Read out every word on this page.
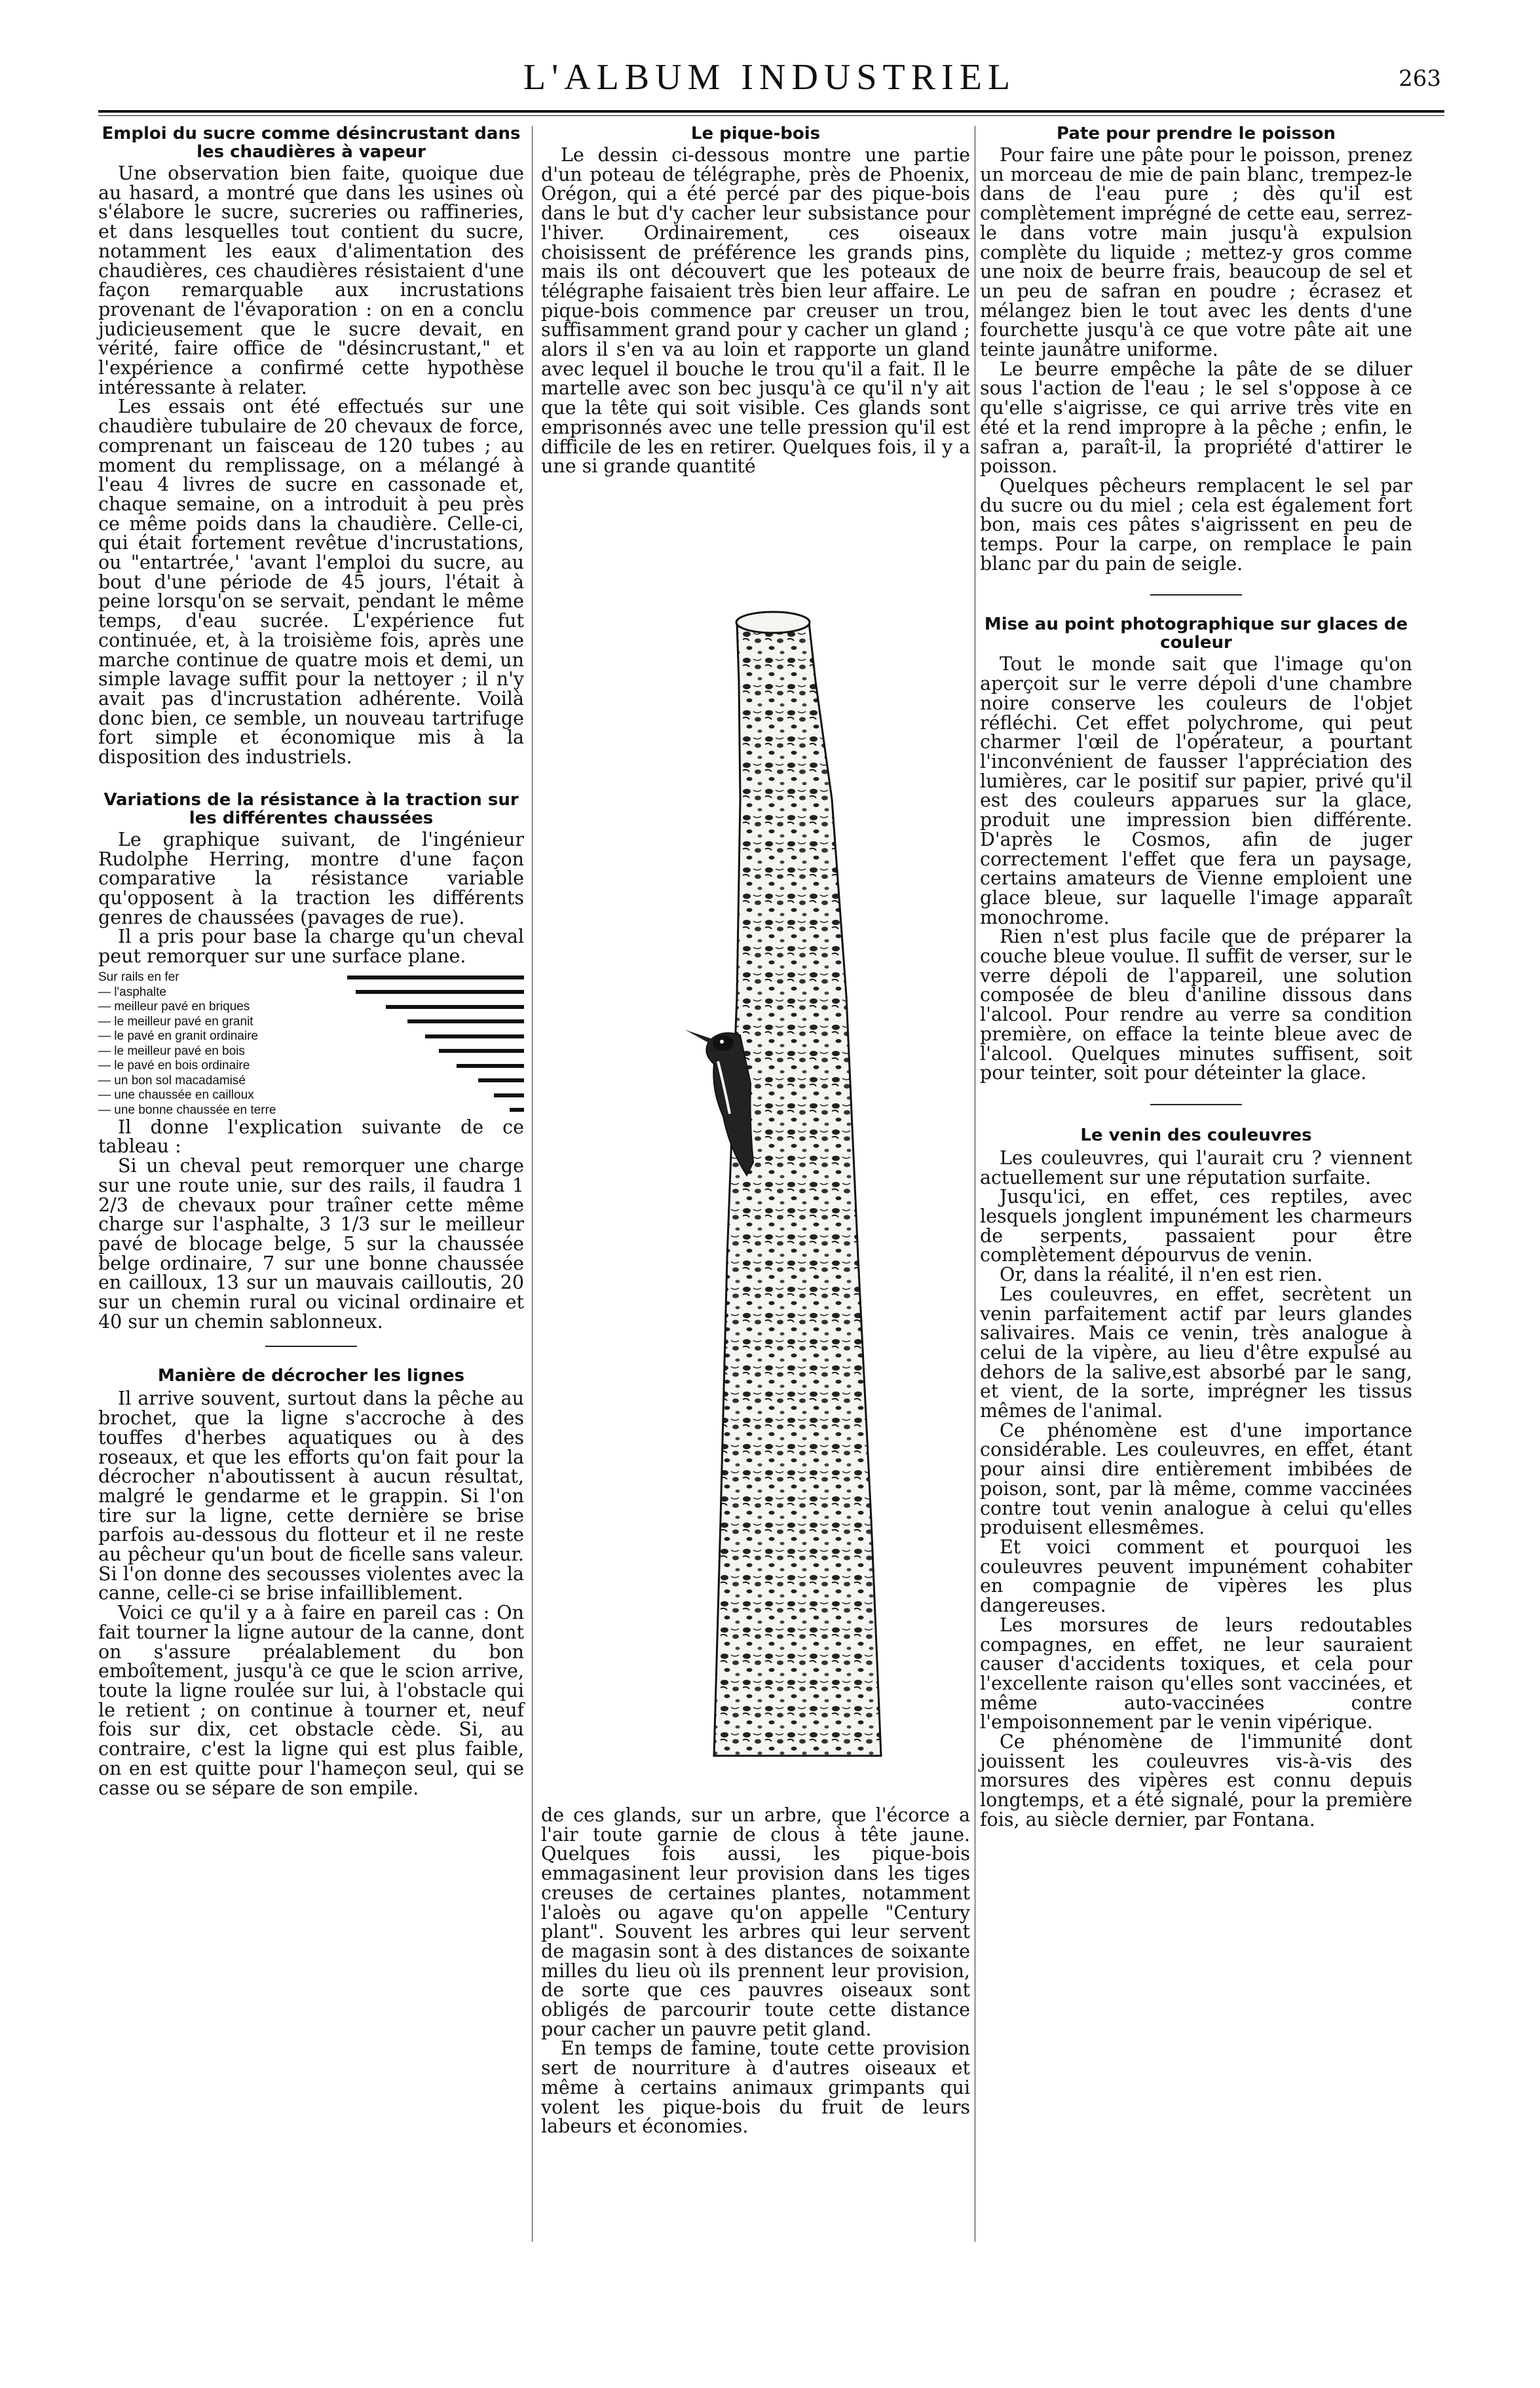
L'ALBUM INDUSTRIEL	263
Emploi du sucre comme désincrustant dans les chaudières à vapeur

Une observation bien faite, quoique due au hasard, a montré que dans les usines où s'élabore le sucre, sucreries ou raffineries, et dans lesquelles tout contient du sucre, notamment les eaux d'alimentation des chaudières, ces chaudières résistaient d'une façon remarquable aux incrustations provenant de l'évaporation : on en a conclu judicieusement que le sucre devait, en vérité, faire office de "désincrustant," et l'expérience a confirmé cette hypothèse intéressante à relater.

Les essais ont été effectués sur une chaudière tubulaire de 20 chevaux de force, comprenant un faisceau de 120 tubes ; au moment du remplissage, on a mélangé à l'eau 4 livres de sucre en cassonade et, chaque semaine, on a introduit à peu près ce même poids dans la chaudière. Celle-ci, qui était fortement revêtue d'incrustations, ou "entartrée,' 'avant l'emploi du sucre, au bout d'une période de 45 jours, l'était à peine lorsqu'on se servait, pendant le même temps, d'eau sucrée. L'expérience fut continuée, et, à la troisième fois, après une marche continue de quatre mois et demi, un simple lavage suffit pour la nettoyer ; il n'y avait pas d'incrustation adhérente. Voilà donc bien, ce semble, un nouveau tartrifuge fort simple et économique mis à la disposition des industriels.

Variations de la résistance à la traction sur les différentes chaussées

Le graphique suivant, de l'ingénieur Rudolphe Herring, montre d'une façon comparative la résistance variable qu'opposent à la traction les différents genres de chaussées (pavages de rue).

Il a pris pour base la charge qu'un cheval peut remorquer sur une surface plane.

Sur rails en fer
— l'asphalte
— meilleur pavé en briques
— le meilleur pavé en granit
— le pavé en granit ordinaire
— le meilleur pavé en bois
— le pavé en bois ordinaire
— un bon sol macadamisé
— une chaussée en cailloux
— une bonne chaussée en terre

Il donne l'explication suivante de ce tableau :

Si un cheval peut remorquer une charge sur une route unie, sur des rails, il faudra 1 2/3 de chevaux pour traîner cette même charge sur l'asphalte, 3 1/3 sur le meilleur pavé de blocage belge, 5 sur la chaussée belge ordinaire, 7 sur une bonne chaussée en cailloux, 13 sur un mauvais cailloutis, 20 sur un chemin rural ou vicinal ordinaire et 40 sur un chemin sablonneux.

Manière de décrocher les lignes

Il arrive souvent, surtout dans la pêche au brochet, que la ligne s'accroche à des touffes d'herbes aquatiques ou à des roseaux, et que les efforts qu'on fait pour la décrocher n'aboutissent à aucun résultat, malgré le gendarme et le grappin. Si l'on tire sur la ligne, cette dernière se brise parfois au-dessous du flotteur et il ne reste au pêcheur qu'un bout de ficelle sans valeur. Si l'on donne des secousses violentes avec la canne, celle-ci se brise infailliblement.

Voici ce qu'il y a à faire en pareil cas : On fait tourner la ligne autour de la canne, dont on s'assure préalablement du bon emboîtement, jusqu'à ce que le scion arrive, toute la ligne roulée sur lui, à l'obstacle qui le retient ; on continue à tourner et, neuf fois sur dix, cet obstacle cède. Si, au contraire, c'est la ligne qui est plus faible, on en est quitte pour l'hameçon seul, qui se casse ou se sépare de son empile.

Le pique-bois

Le dessin ci-dessous montre une partie d'un poteau de télégraphe, près de Phoenix, Orégon, qui a été percé par des pique-bois dans le but d'y cacher leur subsistance pour l'hiver. Ordinairement, ces oiseaux choisissent de préférence les grands pins, mais ils ont découvert que les poteaux de télégraphe faisaient très bien leur affaire. Le pique-bois commence par creuser un trou, suffisamment grand pour y cacher un gland ; alors il s'en va au loin et rapporte un gland avec lequel il bouche le trou qu'il a fait. Il le martelle avec son bec jusqu'à ce qu'il n'y ait que la tête qui soit visible. Ces glands sont emprisonnés avec une telle pression qu'il est difficile de les en retirer. Quelques fois, il y a une si grande quantité

de ces glands, sur un arbre, que l'écorce a l'air toute garnie de clous à tête jaune. Quelques fois aussi, les pique-bois emmagasinent leur provision dans les tiges creuses de certaines plantes, notamment l'aloès ou agave qu'on appelle "Century plant". Souvent les arbres qui leur servent de magasin sont à des distances de soixante milles du lieu où ils prennent leur provision, de sorte que ces pauvres oiseaux sont obligés de parcourir toute cette distance pour cacher un pauvre petit gland.

En temps de famine, toute cette provision sert de nourriture à d'autres oiseaux et même à certains animaux grimpants qui volent les pique-bois du fruit de leurs labeurs et économies.

Pate pour prendre le poisson

Pour faire une pâte pour le poisson, prenez un morceau de mie de pain blanc, trempez-le dans de l'eau pure ; dès qu'il est complètement imprégné de cette eau, serrez-le dans votre main jusqu'à expulsion complète du liquide ; mettez-y gros comme une noix de beurre frais, beaucoup de sel et un peu de safran en poudre ; écrasez et mélangez bien le tout avec les dents d'une fourchette jusqu'à ce que votre pâte ait une teinte jaunâtre uniforme.

Le beurre empêche la pâte de se diluer sous l'action de l'eau ; le sel s'oppose à ce qu'elle s'aigrisse, ce qui arrive très vite en été et la rend impropre à la pêche ; enfin, le safran a, paraît-il, la propriété d'attirer le poisson.

Quelques pêcheurs remplacent le sel par du sucre ou du miel ; cela est également fort bon, mais ces pâtes s'aigrissent en peu de temps. Pour la carpe, on remplace le pain blanc par du pain de seigle.

Mise au point photographique sur glaces de couleur

Tout le monde sait que l'image qu'on aperçoit sur le verre dépoli d'une chambre noire conserve les couleurs de l'objet réfléchi. Cet effet polychrome, qui peut charmer l'œil de l'opérateur, a pourtant l'inconvénient de fausser l'appréciation des lumières, car le positif sur papier, privé qu'il est des couleurs apparues sur la glace, produit une impression bien différente. D'après le Cosmos, afin de juger correctement l'effet que fera un paysage, certains amateurs de Vienne emploient une glace bleue, sur laquelle l'image apparaît monochrome.

Rien n'est plus facile que de préparer la couche bleue voulue. Il suffit de verser, sur le verre dépoli de l'appareil, une solution composée de bleu d'aniline dissous dans l'alcool. Pour rendre au verre sa condition première, on efface la teinte bleue avec de l'alcool. Quelques minutes suffisent, soit pour teinter, soit pour déteinter la glace.

Le venin des couleuvres

Les couleuvres, qui l'aurait cru ? viennent actuellement sur une réputation surfaite.

Jusqu'ici, en effet, ces reptiles, avec lesquels jonglent impunément les charmeurs de serpents, passaient pour être complètement dépourvus de venin.

Or, dans la réalité, il n'en est rien.

Les couleuvres, en effet, secrètent un venin parfaitement actif par leurs glandes salivaires. Mais ce venin, très analogue à celui de la vipère, au lieu d'être expulsé au dehors de la salive,est absorbé par le sang, et vient, de la sorte, imprégner les tissus mêmes de l'animal.

Ce phénomène est d'une importance considérable. Les couleuvres, en effet, étant pour ainsi dire entièrement imbibées de poison, sont, par là même, comme vaccinées contre tout venin analogue à celui qu'elles produisent ellesmêmes.

Et voici comment et pourquoi les couleuvres peuvent impunément cohabiter en compagnie de vipères les plus dangereuses.

Les morsures de leurs redoutables compagnes, en effet, ne leur sauraient causer d'accidents toxiques, et cela pour l'excellente raison qu'elles sont vaccinées, et même auto-vaccinées contre l'empoisonnement par le venin vipérique.

Ce phénomène de l'immunité dont jouissent les couleuvres vis-à-vis des morsures des vipères est connu depuis longtemps, et a été signalé, pour la première fois, au siècle dernier, par Fontana.
